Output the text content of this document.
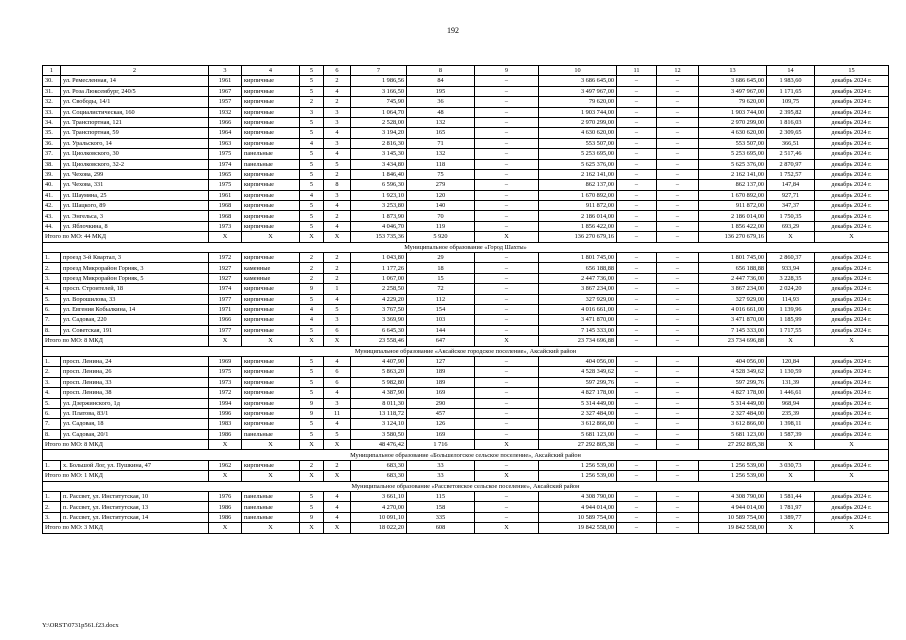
192
1	2	3	4	5	6	7	8	9	10	11	12	13	14	15
30.	ул. Ремесленная, 14	1961	кирпичные	5	2	1 986,56	84	–	3 686 645,00	–	–	3 686 645,00	1 983,60	декабрь 2024 г.
31.	ул. Роза Люксембург, 240/5	1967	кирпичные	5	4	3 166,50	195	–	3 497 967,00	–	–	3 497 967,00	1 171,65	декабрь 2024 г.
32.	ул. Свободы, 14/1	1957	кирпичные	2	2	745,90	36	–	79 620,00	–	–	79 620,00	109,75	декабрь 2024 г.
33.	ул. Социалистическая, 160	1932	кирпичные	3	3	1 064,70	48	–	1 903 744,00	–	–	1 903 744,00	2 395,82	декабрь 2024 г.
34.	ул. Транспортная, 121	1966	кирпичные	5	3	2 528,00	132	–	2 970 299,00	–	–	2 970 299,00	1 816,03	декабрь 2024 г.
35.	ул. Транспортная, 59	1964	кирпичные	5	4	3 194,20	165	–	4 630 620,00	–	–	4 630 620,00	2 309,65	декабрь 2024 г.
36.	ул. Уральского, 14	1963	кирпичные	4	3	2 816,30	71	–	553 507,00	–	–	553 507,00	366,51	декабрь 2024 г.
37.	ул. Циолковского, 30	1975	панельные	5	4	3 145,30	132	–	5 253 695,00	–	–	5 253 695,00	2 517,46	декабрь 2024 г.
38.	ул. Циолковского, 32-2	1974	панельные	5	5	3 434,80	118	–	5 625 376,00	–	–	5 625 376,00	2 870,97	декабрь 2024 г.
39.	ул. Чехова, 299	1965	кирпичные	5	2	1 846,40	75	–	2 162 141,00	–	–	2 162 141,00	1 752,57	декабрь 2024 г.
40.	ул. Чехова, 331	1975	кирпичные	5	8	6 596,30	279	–	862 137,00	–	–	862 137,00	147,84	декабрь 2024 г.
41.	ул. Шаумяна, 25	1961	кирпичные	4	3	1 923,10	120	–	1 670 892,00	–	–	1 670 892,00	927,71	декабрь 2024 г.
42.	ул. Шацкого, 89	1968	кирпичные	5	4	3 253,80	140	–	911 872,00	–	–	911 872,00	347,37	декабрь 2024 г.
43.	ул. Энгельса, 3	1968	кирпичные	5	2	1 873,90	70	–	2 186 014,00	–	–	2 186 014,00	1 750,35	декабрь 2024 г.
44.	ул. Яблочкина, 8	1973	кирпичные	5	4	4 046,70	119	–	1 856 422,00	–	–	1 856 422,00	693,29	декабрь 2024 г.
Итого по МО: 44 МКД		X	X	X	X	153 735,36	5 920	X	136 270 679,16	–	–	136 270 679,16	X	X
Муниципальное образование «Город Шахты»														
1.	проезд 3-й Квартал, 3	1972	кирпичные	2	2	1 043,80	29	–	1 801 745,00	–	–	1 801 745,00	2 860,37	декабрь 2024 г.
2.	проезд Микрорайон Горняк, 3	1927	каменные	2	2	1 177,26	18	–	656 188,88	–	–	656 188,88	933,94	декабрь 2024 г.
3.	проезд Микрорайон Горняк, 5	1927	каменные	2	2	1 067,00	15	–	2 447 736,00	–	–	2 447 736,00	3 228,35	декабрь 2024 г.
4.	просп. Строителей, 18	1974	кирпичные	9	1	2 258,50	72	–	3 867 234,00	–	–	3 867 234,00	2 024,20	декабрь 2024 г.
5.	ул. Ворошилова, 33	1977	кирпичные	5	4	4 229,20	112	–	327 929,00	–	–	327 929,00	114,93	декабрь 2024 г.
6.	ул. Евгения Кобылкина, 14	1971	кирпичные	4	5	3 767,50	154	–	4 016 661,00	–	–	4 016 661,00	1 139,96	декабрь 2024 г.
7.	ул. Садовая, 220	1966	кирпичные	4	3	3 369,90	103	–	3 471 870,00	–	–	3 471 870,00	1 185,99	декабрь 2024 г.
8.	ул. Советская, 191	1977	кирпичные	5	6	6 645,30	144	–	7 145 333,00	–	–	7 145 333,00	1 717,55	декабрь 2024 г.
Итого по МО: 8 МКД		X	X	X	X	23 558,46	647	X	23 734 696,88	–	–	23 734 696,88	X	X
Муниципальное образование «Аксайское городское поселение», Аксайский район														
1.	просп. Ленина, 24	1969	кирпичные	5	4	4 407,90	127	–	404 056,00	–	–	404 056,00	120,84	декабрь 2024 г.
2.	просп. Ленина, 26	1975	кирпичные	5	6	5 863,20	189	–	4 528 349,62	–	–	4 528 349,62	1 130,59	декабрь 2024 г.
3.	просп. Ленина, 33	1973	кирпичные	5	6	5 982,80	189	–	597 299,76	–	–	597 299,76	131,39	декабрь 2024 г.
4.	просп. Ленина, 38	1972	кирпичные	5	4	4 387,90	169	–	4 827 178,00	–	–	4 827 178,00	1 446,61	декабрь 2024 г.
5.	ул. Дзержинского, 1д	1994	кирпичные	9	3	8 011,30	290	–	5 314 449,00	–	–	5 314 449,00	968,94	декабрь 2024 г.
6.	ул. Платова, 83/1	1996	кирпичные	9	11	13 118,72	457	–	2 327 484,00	–	–	2 327 484,00	235,39	декабрь 2024 г.
7.	ул. Садовая, 18	1983	кирпичные	5	4	3 124,10	126	–	3 612 866,00	–	–	3 612 866,00	1 398,11	декабрь 2024 г.
8.	ул. Садовая, 20/1	1986	панельные	5	5	3 580,50	169	–	5 681 123,00	–	–	5 681 123,00	1 587,39	декабрь 2024 г.
Итого по МО: 8 МКД		X	X	X	X	48 476,42	1 716	X	27 292 805,38	–	–	27 292 805,38	X	X
Муниципальное образование «Большелогское сельское поселение», Аксайский район														
1.	х. Большой Лог, ул. Пушкина, 47	1962	кирпичные	2	2	683,30	33	–	1 256 539,00	–	–	1 256 539,00	3 030,73	декабрь 2024 г.
Итого по МО: 1 МКД		X	X	X	X	683,30	33	X	1 256 539,00	–	–	1 256 539,00	X	X
Муниципальное образование «Рассветовское сельское поселение», Аксайский район														
1.	п. Рассвет, ул. Институтская, 10	1976	панельные	5	4	3 661,10	115	–	4 308 790,00	–	–	4 308 790,00	1 581,44	декабрь 2024 г.
2.	п. Рассвет, ул. Институтская, 13	1986	панельные	5	4	4 270,00	158	–	4 944 014,00	–	–	4 944 014,00	1 781,97	декабрь 2024 г.
3.	п. Рассвет, ул. Институтская, 14	1986	панельные	9	4	10 091,10	335	–	10 589 754,00	–	–	10 589 754,00	1 389,77	декабрь 2024 г.
Итого по МО: 3 МКД		X	X	X	X	18 022,20	608	X	19 842 558,00	–	–	19 842 558,00	X	X
Y:\ORST\0731p561.f23.docx
